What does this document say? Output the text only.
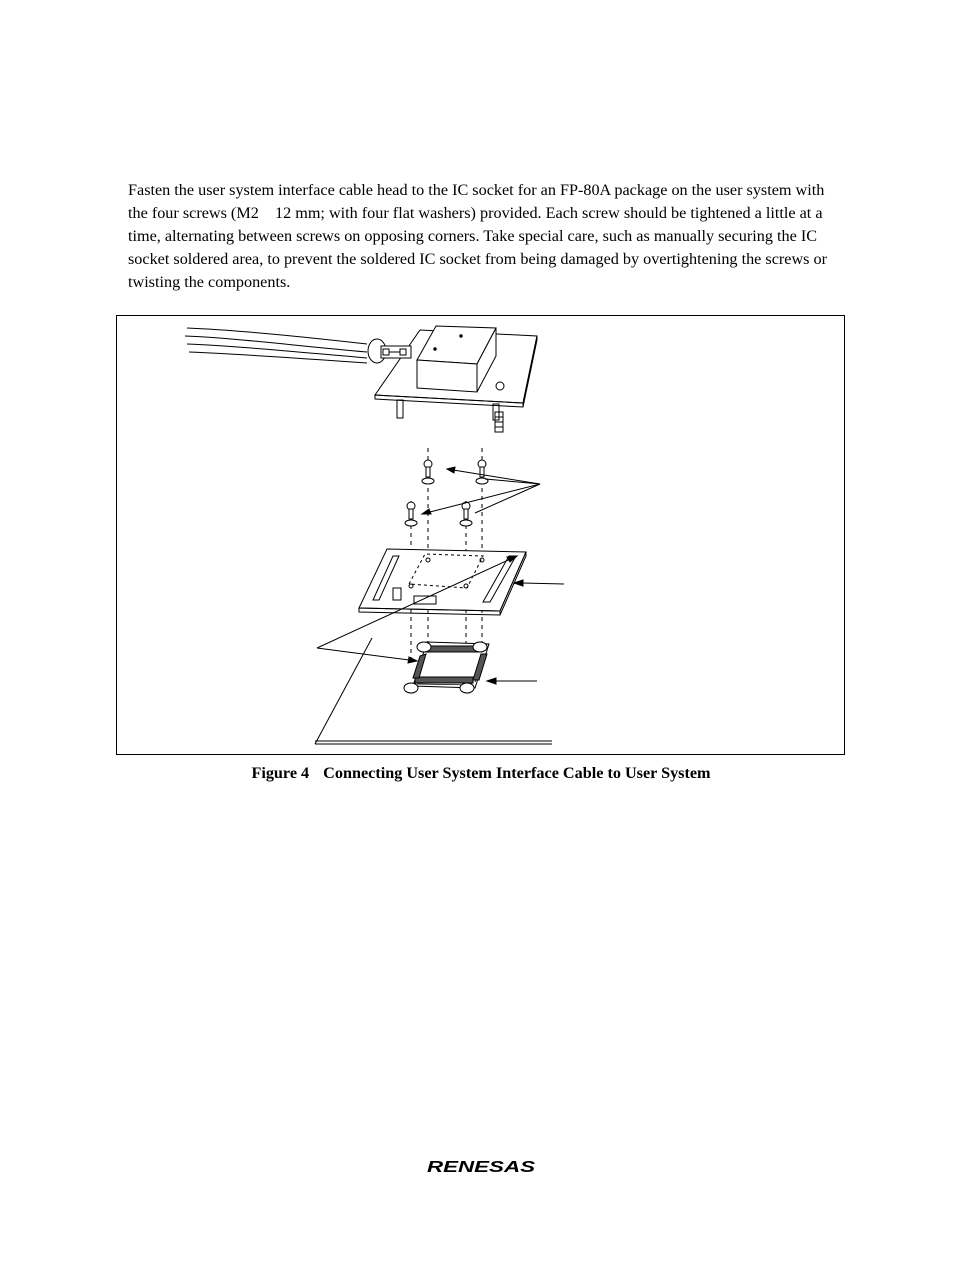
Fasten the user system interface cable head to the IC socket for an FP-80A package on the user system with the four screws (M2    12 mm; with four flat washers) provided. Each screw should be tightened a little at a time, alternating between screws on opposing corners. Take special care, such as manually securing the IC socket soldered area, to prevent the soldered IC socket from being damaged by overtightening the screws or twisting the components.

Figure 4 Connecting User System Interface Cable to User System
RENESAS
